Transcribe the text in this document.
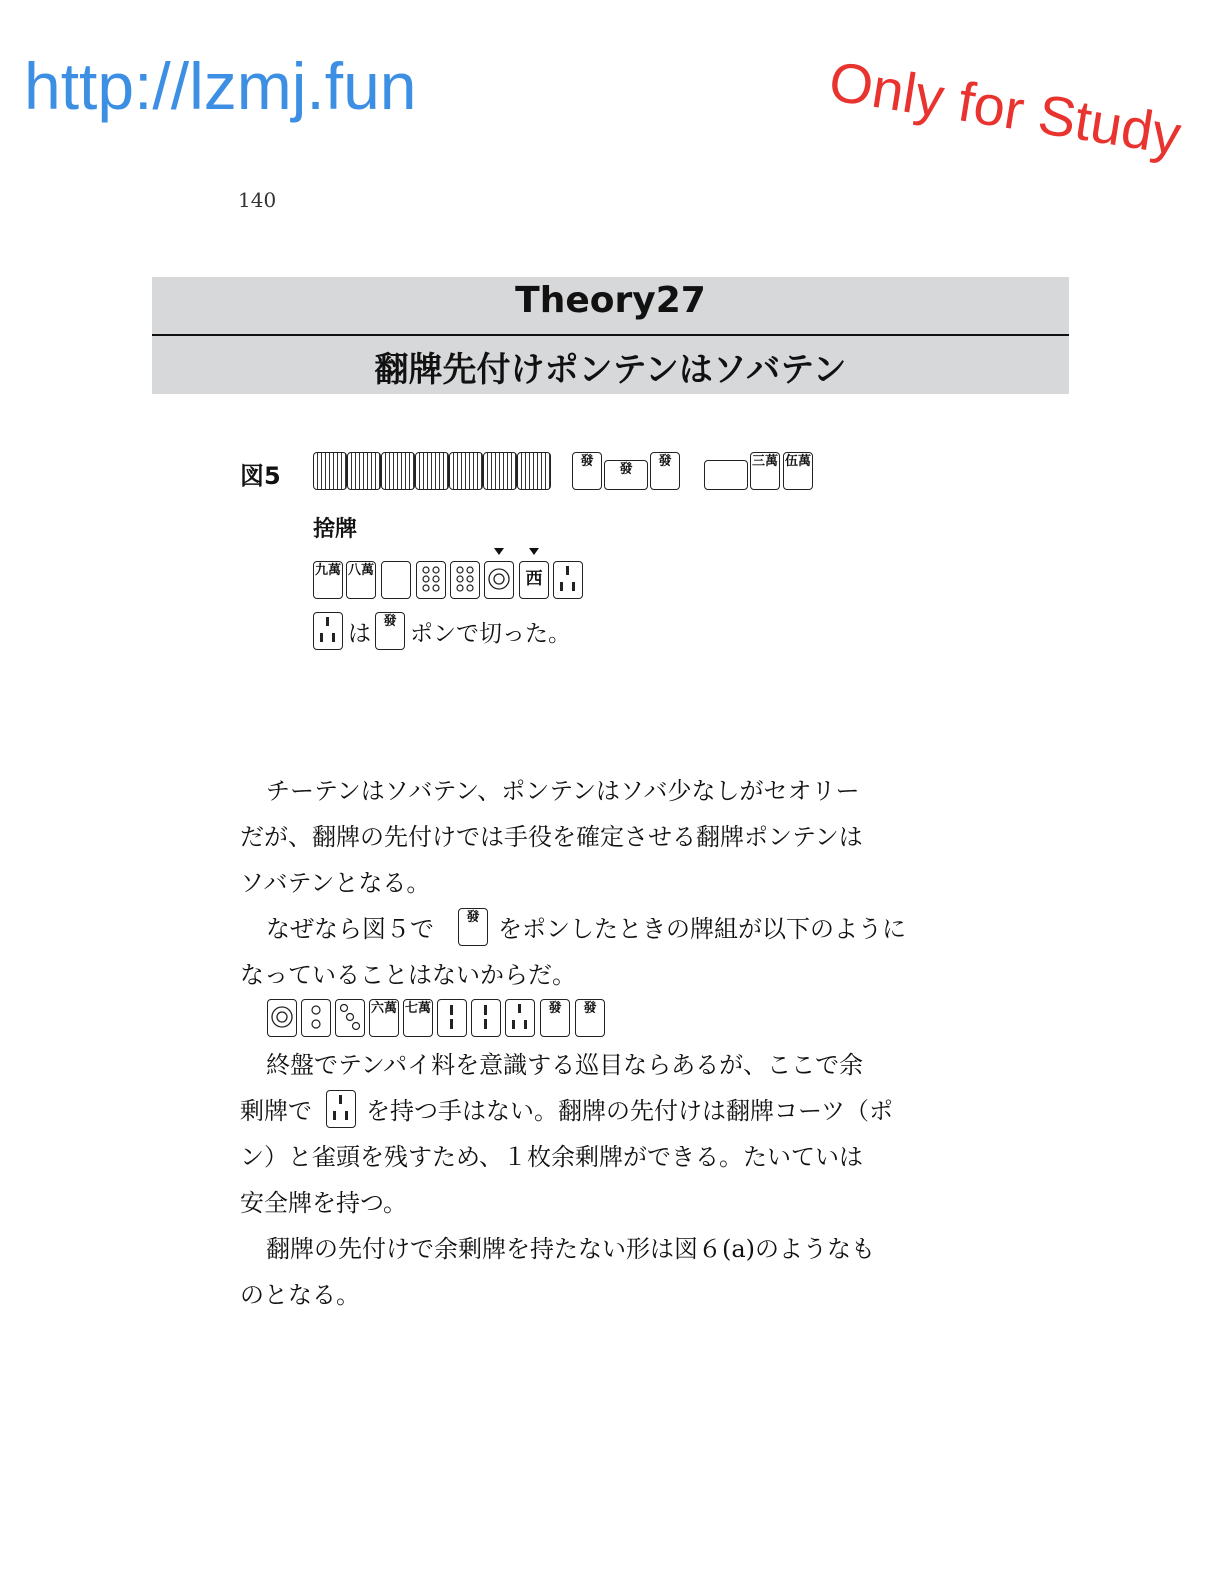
http://lzmj.fun	Only for Study
140
Theory27
翻牌先付けポンテンはソバテン
図5
發
發
發	三萬 伍萬
捨牌
九萬 八萬	西
は 發 ポンで切った。
チーテンはソバテン、ポンテンはソバ少なしがセオリー
だが、翻牌の先付けでは手役を確定させる翻牌ポンテンは
ソバテンとなる。
なぜなら図５で	發 をポンしたときの牌組が以下のように
なっていることはないからだ。
六萬 七萬	發	發
終盤でテンパイ料を意識する巡目ならあるが、ここで余
剰牌で を持つ手はない。翻牌の先付けは翻牌コーツ（ポ
ン）と雀頭を残すため、１枚余剰牌ができる。たいていは
安全牌を持つ。
翻牌の先付けで余剰牌を持たない形は図６(a)のようなも
のとなる。
